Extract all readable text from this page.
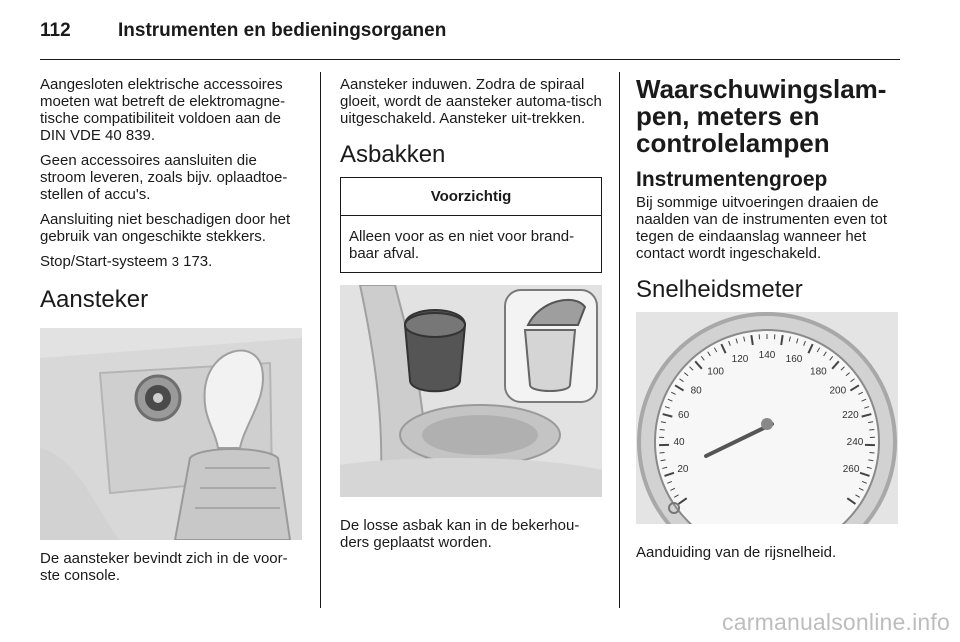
112 Instrumenten en bedieningsorganen

Aangesloten elektrische accessoires moeten wat betreft de elektromagne-tische compatibiliteit voldoen aan de DIN VDE 40 839.

Geen accessoires aansluiten die stroom leveren, zoals bijv. oplaadtoe-stellen of accu's.

Aansluiting niet beschadigen door het gebruik van ongeschikte stekkers.

Stop/Start-systeem 3 173.

Aansteker

De aansteker bevindt zich in de voor-ste console.

Aansteker induwen. Zodra de spiraal gloeit, wordt de aansteker automa-tisch uitgeschakeld. Aansteker uit-trekken.

Asbakken
Voorzichtig
Alleen voor as en niet voor brand-baar afval.

De losse asbak kan in de bekerhou-ders geplaatst worden.

Waarschuwingslam-pen, meters en controlelampen
Instrumentengroep

Bij sommige uitvoeringen draaien de naalden van de instrumenten even tot tegen de eindaanslag wanneer het contact wordt ingeschakeld.

Snelheidsmeter
20
40
60
80
100
120 140 160
180
200
220
240
260

Aanduiding van de rijsnelheid.

carmanualsonline.info
